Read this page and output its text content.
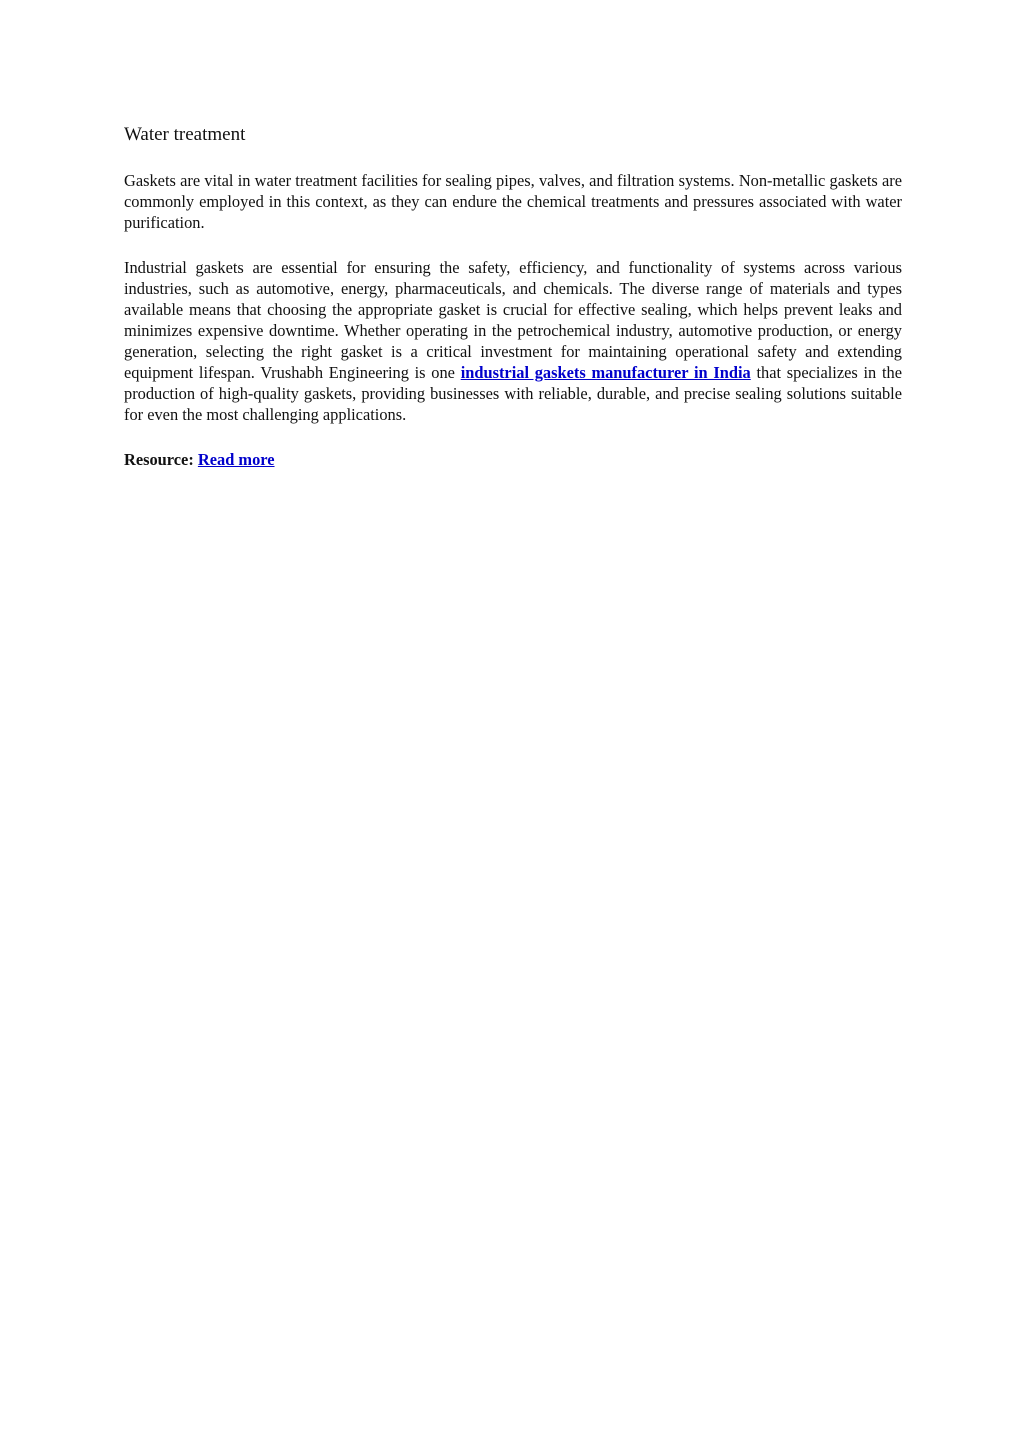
Water treatment

Gaskets are vital in water treatment facilities for sealing pipes, valves, and filtration systems. Non-metallic gaskets are commonly employed in this context, as they can endure the chemical treatments and pressures associated with water purification.

Industrial gaskets are essential for ensuring the safety, efficiency, and functionality of systems across various industries, such as automotive, energy, pharmaceuticals, and chemicals. The diverse range of materials and types available means that choosing the appropriate gasket is crucial for effective sealing, which helps prevent leaks and minimizes expensive downtime. Whether operating in the petrochemical industry, automotive production, or energy generation, selecting the right gasket is a critical investment for maintaining operational safety and extending equipment lifespan. Vrushabh Engineering is one industrial gaskets manufacturer in India that specializes in the production of high-quality gaskets, providing businesses with reliable, durable, and precise sealing solutions suitable for even the most challenging applications.

Resource: Read more
